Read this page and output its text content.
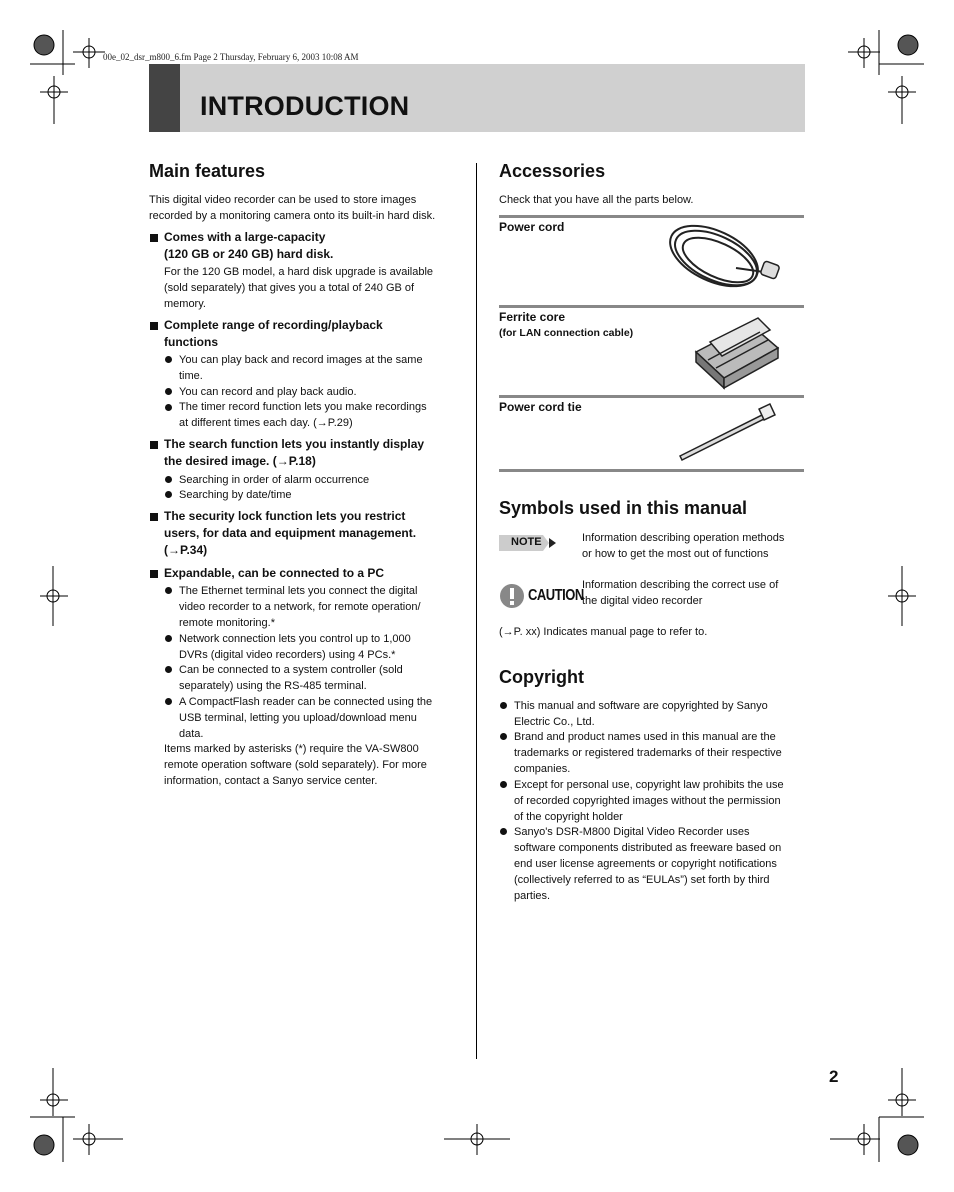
00e_02_dsr_m800_6.fm Page 2 Thursday, February 6, 2003 10:08 AM
INTRODUCTION
Main features
This digital video recorder can be used to store images
recorded by a monitoring camera onto its built-in hard disk.
Comes with a large-capacity
(120 GB or 240 GB) hard disk.
For the 120 GB model, a hard disk upgrade is available
(sold separately) that gives you a total of 240 GB of
memory.
Complete range of recording/playback
functions
You can play back and record images at the same
time.
You can record and play back audio.
The timer record function lets you make recordings
at different times each day. (→P.29)
The search function lets you instantly display
the desired image. (→P.18)
Searching in order of alarm occurrence
Searching by date/time
The security lock function lets you restrict
users, for data and equipment management.
(→P.34)
Expandable, can be connected to a PC
The Ethernet terminal lets you connect the digital
video recorder to a network, for remote operation/
remote monitoring.*
Network connection lets you control up to 1,000
DVRs (digital video recorders) using 4 PCs.*
Can be connected to a system controller (sold
separately) using the RS-485 terminal.
A CompactFlash reader can be connected using the
USB terminal, letting you upload/download menu
data.
Items marked by asterisks (*) require the VA-SW800
remote operation software (sold separately). For more
information, contact a Sanyo service center.
Accessories
Check that you have all the parts below.
Power cord
Ferrite core
(for LAN connection cable)
Power cord tie
Symbols used in this manual
NOTE	Information describing operation methods
or how to get the most out of functions
CAUTION
Information describing the correct use of
the digital video recorder
(→P. xx) Indicates manual page to refer to.
Copyright
This manual and software are copyrighted by Sanyo
Electric Co., Ltd.
Brand and product names used in this manual are the
trademarks or registered trademarks of their respective
companies.
Except for personal use, copyright law prohibits the use
of recorded copyrighted images without the permission
of the copyright holder
Sanyo's DSR-M800 Digital Video Recorder uses
software components distributed as freeware based on
end user license agreements or copyright notifications
(collectively referred to as “EULAs”) set forth by third
parties.
2
